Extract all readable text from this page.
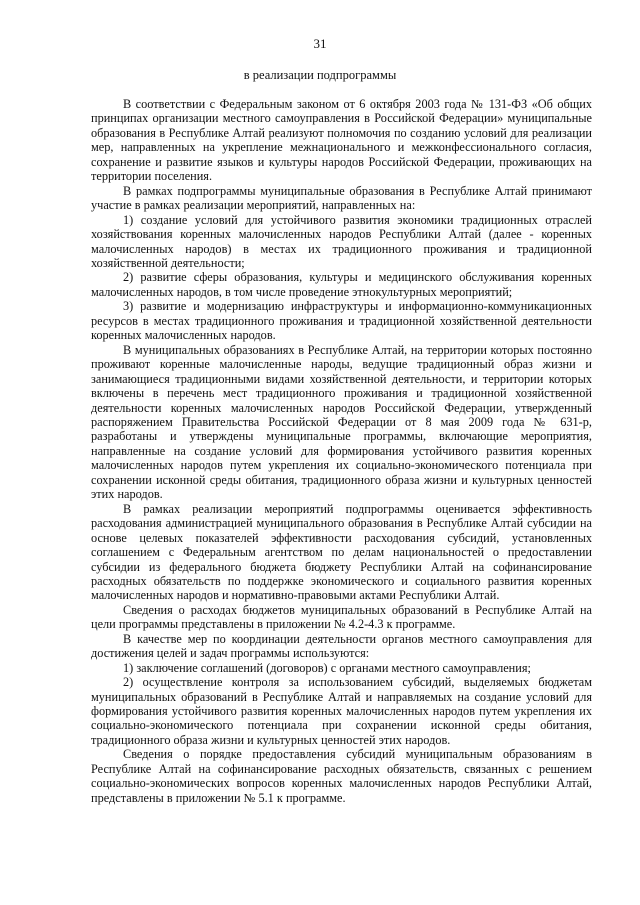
31
в реализации подпрограммы

В соответствии с Федеральным законом от 6 октября 2003 года № 131-ФЗ «Об общих принципах организации местного самоуправления в Российской Федерации» муниципальные образования в Республике Алтай реализуют полномочия по созданию условий для реализации мер, направленных на укрепление межнационального и межконфессионального согласия, сохранение и развитие языков и культуры народов Российской Федерации, проживающих на территории поселения.

В рамках подпрограммы муниципальные образования в Республике Алтай принимают участие в рамках реализации мероприятий, направленных на:

1) создание условий для устойчивого развития экономики традиционных отраслей хозяйствования коренных малочисленных народов Республики Алтай (далее - коренных малочисленных народов) в местах их традиционного проживания и традиционной хозяйственной деятельности;

2) развитие сферы образования, культуры и медицинского обслуживания коренных малочисленных народов, в том числе проведение этнокультурных мероприятий;

3) развитие и модернизацию инфраструктуры и информационно-коммуникационных ресурсов в местах традиционного проживания и традиционной хозяйственной деятельности коренных малочисленных народов.

В муниципальных образованиях в Республике Алтай, на территории которых постоянно проживают коренные малочисленные народы, ведущие традиционный образ жизни и занимающиеся традиционными видами хозяйственной деятельности, и территории которых включены в перечень мест традиционного проживания и традиционной хозяйственной деятельности коренных малочисленных народов Российской Федерации, утвержденный распоряжением Правительства Российской Федерации от 8 мая 2009 года № 631-р, разработаны и утверждены муниципальные программы, включающие мероприятия, направленные на создание условий для формирования устойчивого развития коренных малочисленных народов путем укрепления их социально-экономического потенциала при сохранении исконной среды обитания, традиционного образа жизни и культурных ценностей этих народов.

В рамках реализации мероприятий подпрограммы оценивается эффективность расходования администрацией муниципального образования в Республике Алтай субсидии на основе целевых показателей эффективности расходования субсидий, установленных соглашением с Федеральным агентством по делам национальностей о предоставлении субсидии из федерального бюджета бюджету Республики Алтай на софинансирование расходных обязательств по поддержке экономического и социального развития коренных малочисленных народов и нормативно-правовыми актами Республики Алтай.

Сведения о расходах бюджетов муниципальных образований в Республике Алтай на цели программы представлены в приложении № 4.2-4.3 к программе.

В качестве мер по координации деятельности органов местного самоуправления для достижения целей и задач программы используются:

1) заключение соглашений (договоров) с органами местного самоуправления;

2) осуществление контроля за использованием субсидий, выделяемых бюджетам муниципальных образований в Республике Алтай и направляемых на создание условий для формирования устойчивого развития коренных малочисленных народов путем укрепления их социально-экономического потенциала при сохранении исконной среды обитания, традиционного образа жизни и культурных ценностей этих народов.

Сведения о порядке предоставления субсидий муниципальным образованиям в Республике Алтай на софинансирование расходных обязательств, связанных с решением социально-экономических вопросов коренных малочисленных народов Республики Алтай, представлены в приложении № 5.1 к программе.
